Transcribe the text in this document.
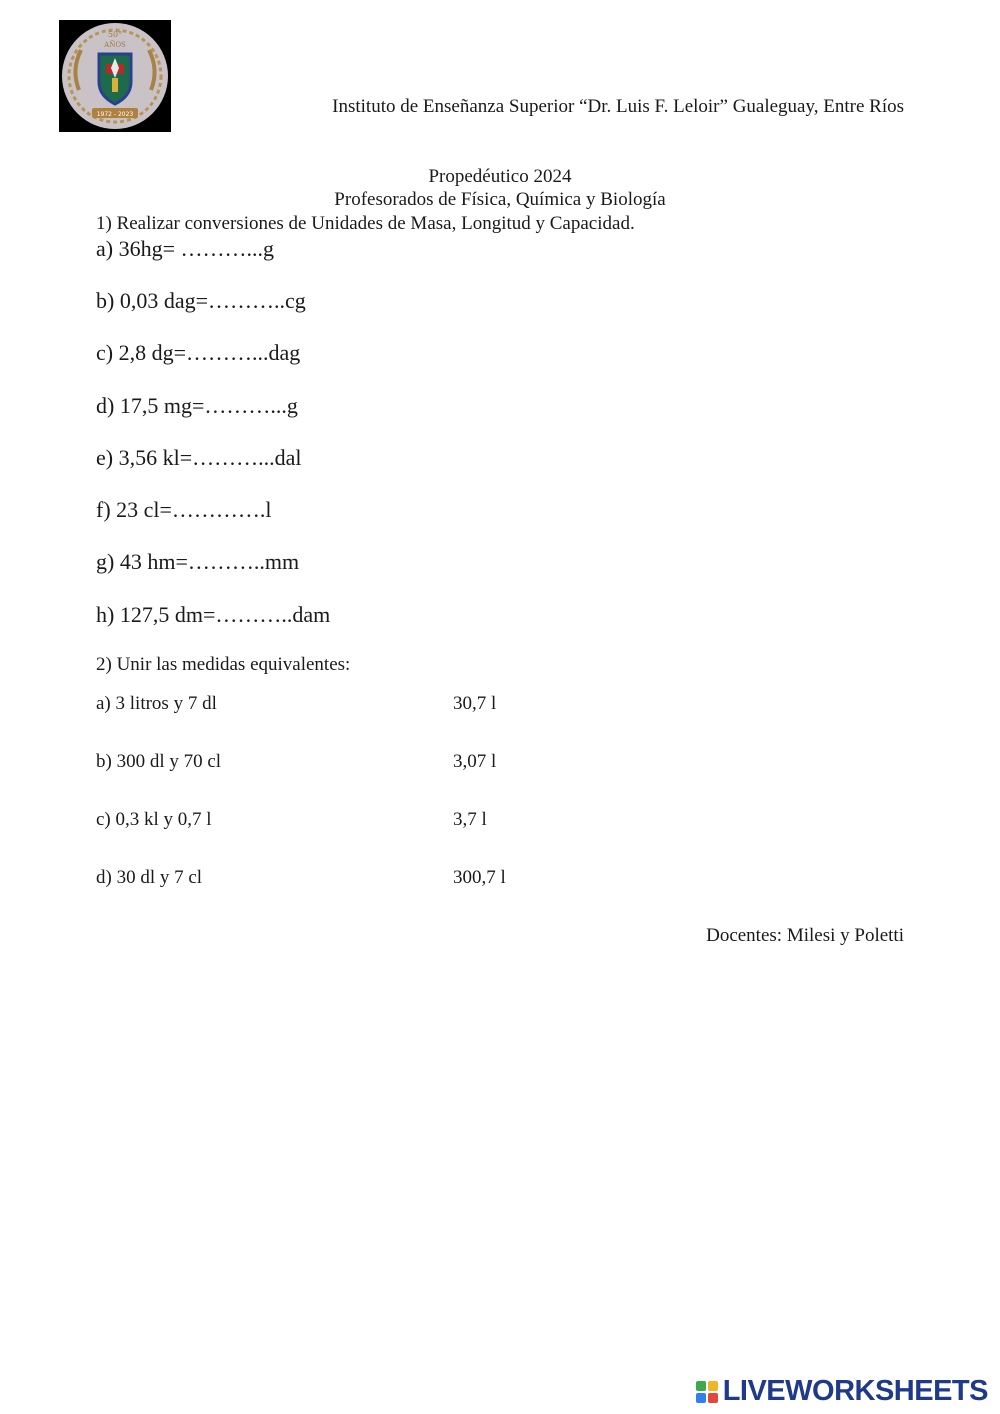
50°
AÑOS
1972 - 2023	Instituto de Enseñanza Superior “Dr. Luis F. Leloir” Gualeguay, Entre Ríos
Propedéutico 2024
Profesorados de Física, Química y Biología
1) Realizar conversiones de Unidades de Masa, Longitud y Capacidad.
a) 36hg= ………...g
b) 0,03 dag=………..cg
c) 2,8 dg=………...dag
d) 17,5 mg=………...g
e) 3,56 kl=………...dal
f) 23 cl=………….l
g) 43 hm=………..mm
h) 127,5 dm=………..dam
2) Unir las medidas equivalentes:
a) 3 litros y 7 dl	30,7 l
b) 300 dl y 70 cl	3,07 l
c) 0,3 kl y 0,7 l	3,7 l
d) 30 dl y 7 cl	300,7 l
Docentes: Milesi y Poletti
LIVEWORKSHEETS
